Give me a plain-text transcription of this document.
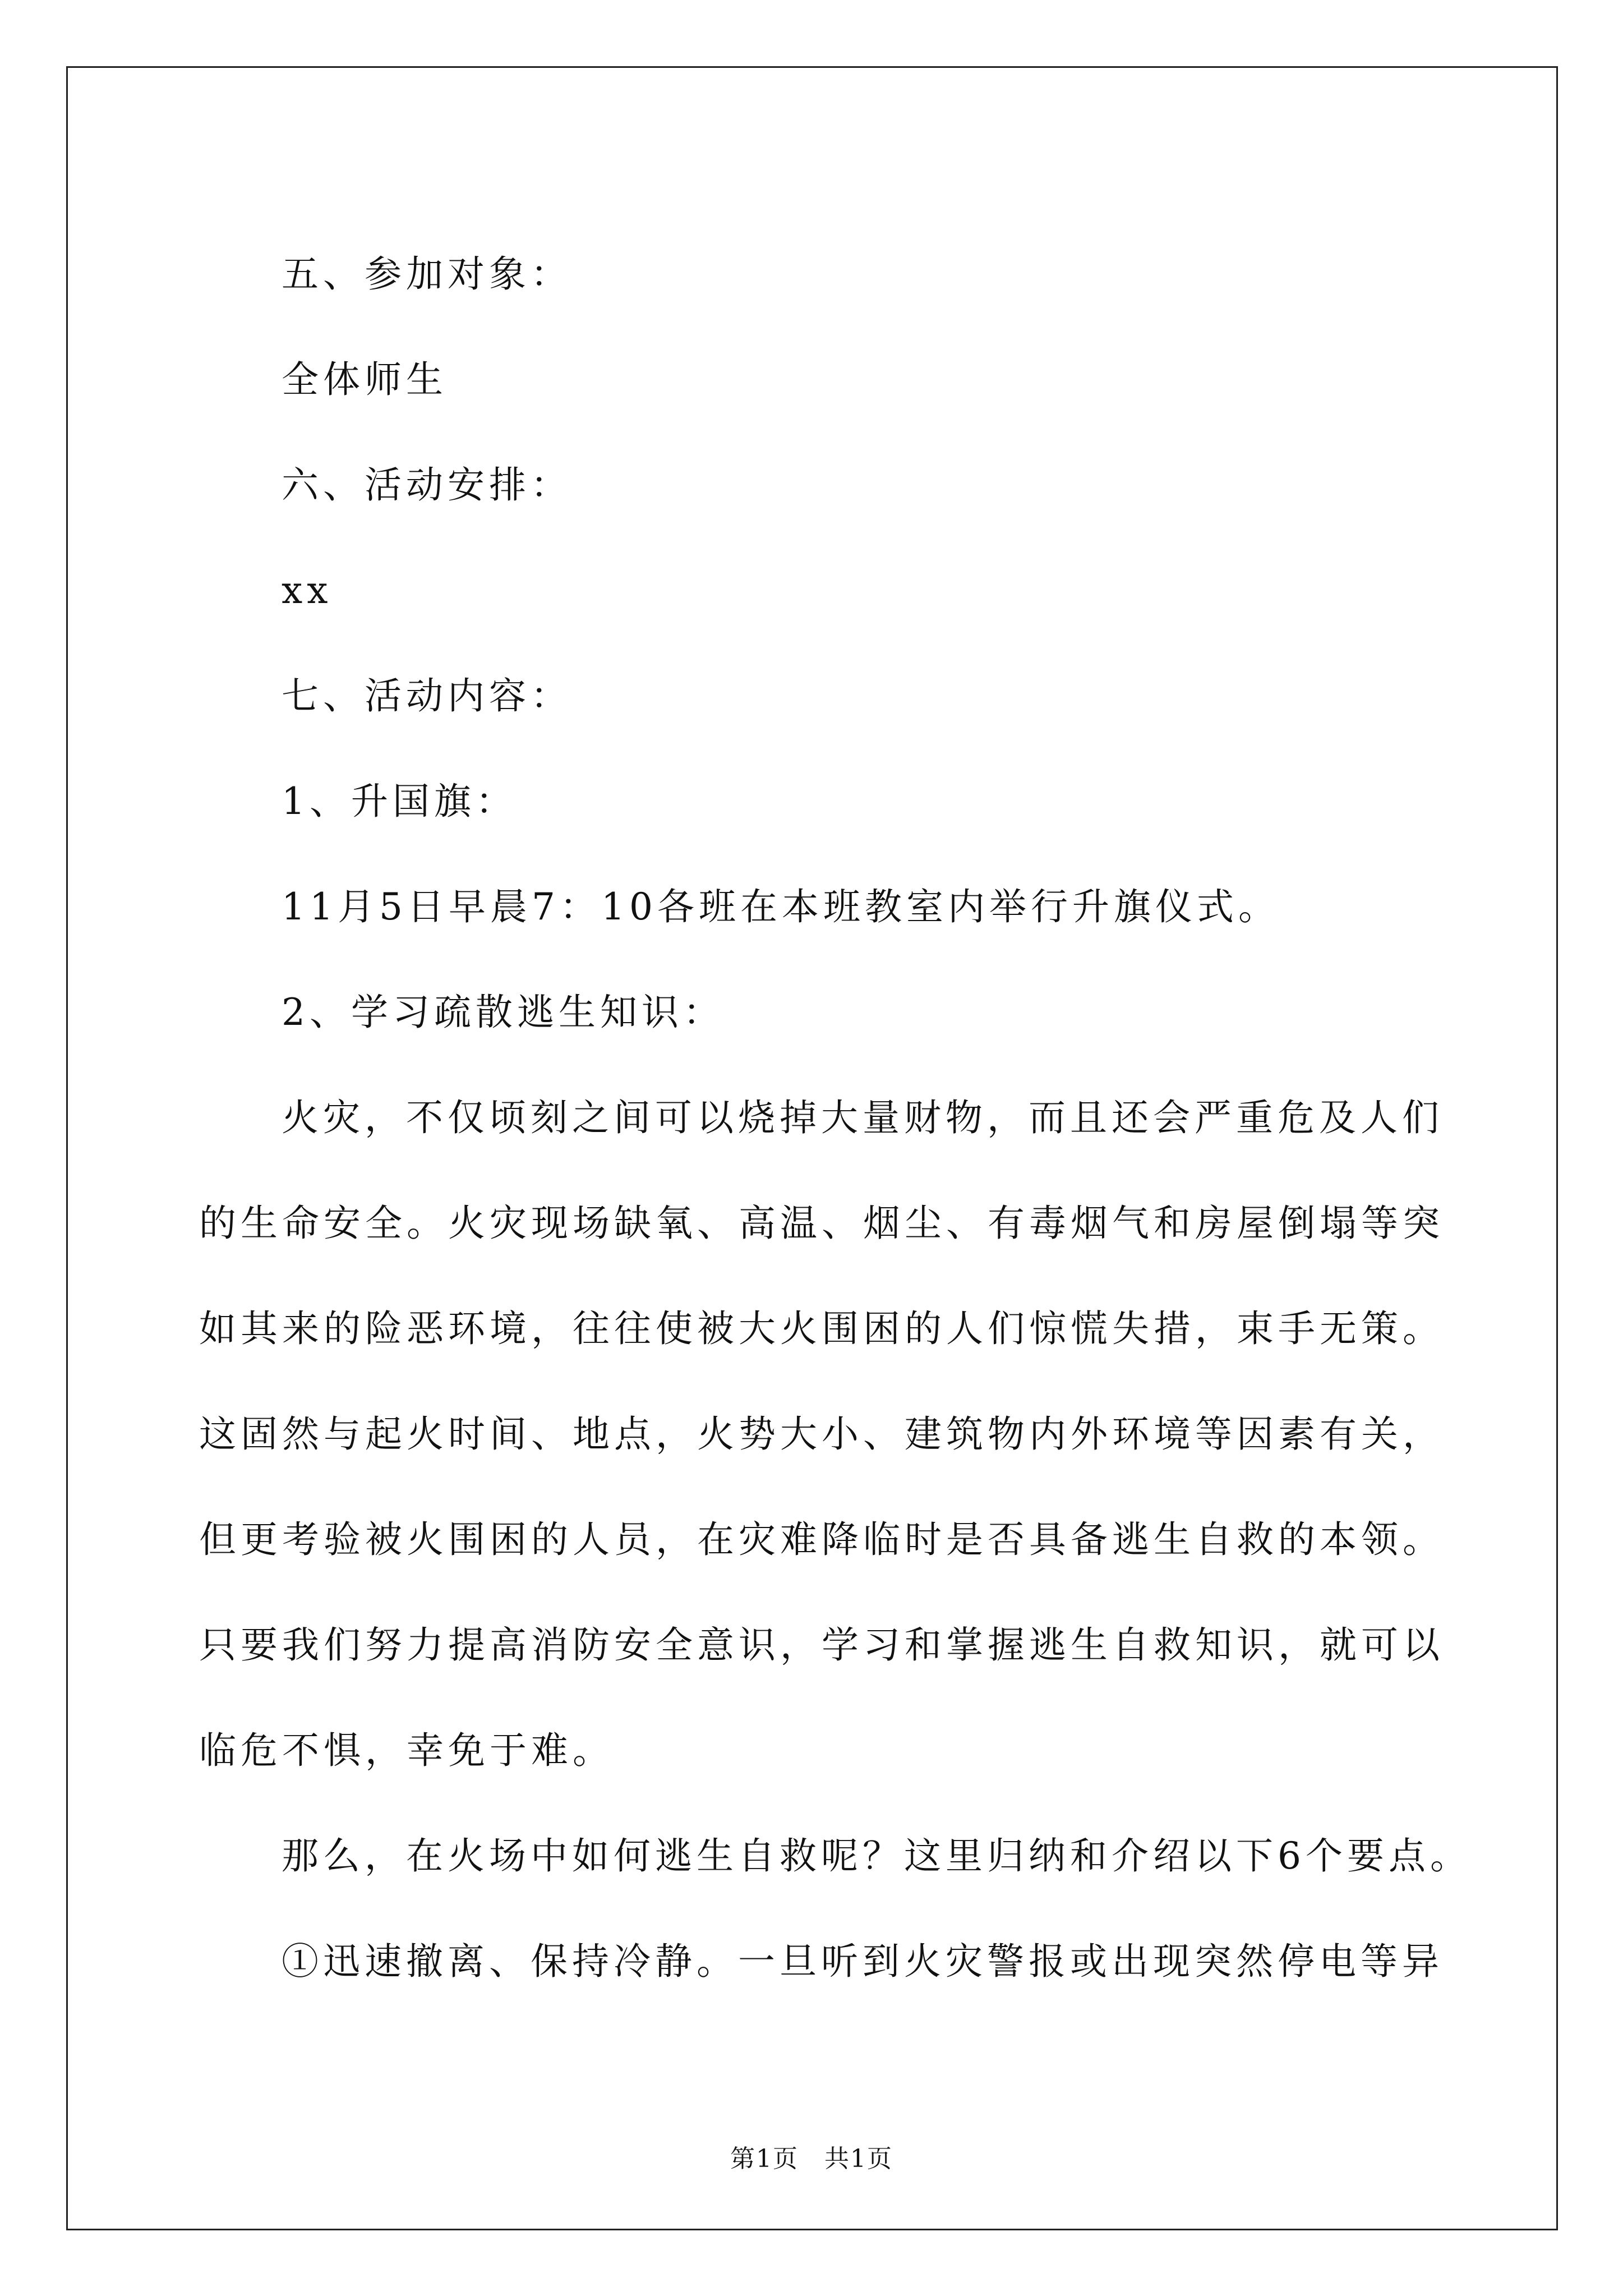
五、参加对象：
全体师生
六、活动安排：
xx
七、活动内容：
1、升国旗：
11月5日早晨7：10各班在本班教室内举行升旗仪式。
2、学习疏散逃生知识：
火灾，不仅顷刻之间可以烧掉大量财物，而且还会严重危及人们
的生命安全。火灾现场缺氧、高温、烟尘、有毒烟气和房屋倒塌等突
如其来的险恶环境，往往使被大火围困的人们惊慌失措，束手无策。
这固然与起火时间、地点，火势大小、建筑物内外环境等因素有关，
但更考验被火围困的人员，在灾难降临时是否具备逃生自救的本领。
只要我们努力提高消防安全意识，学习和掌握逃生自救知识，就可以
临危不惧，幸免于难。
那么，在火场中如何逃生自救呢？这里归纳和介绍以下6个要点。
①迅速撤离、保持冷静。一旦听到火灾警报或出现突然停电等异
第1页　共1页
